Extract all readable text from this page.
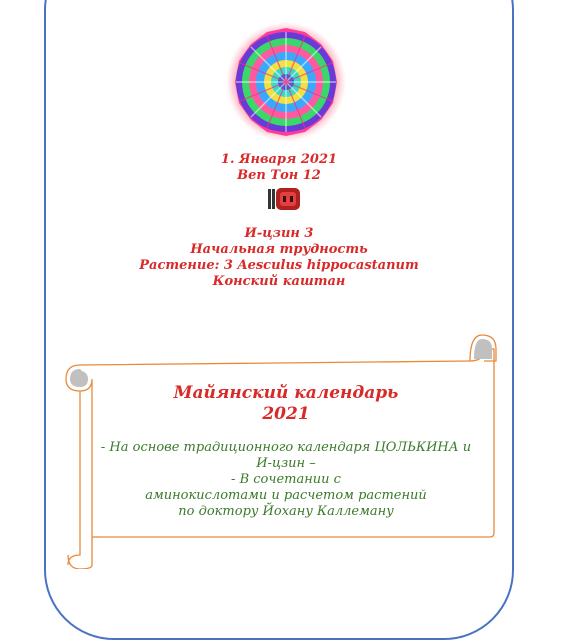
1. Января 2021
Веn Тон 12
И-цзин 3
Начальная трудность
Растение: 3 Aesculus hippocastanum
Конский каштан
Майянский календарь
2021
- На основе традиционного календаря ЦОЛЬКИНА и
И-цзин –
- В сочетании с
аминокислотами и расчетом растений
по доктору Йохану Каллеману
